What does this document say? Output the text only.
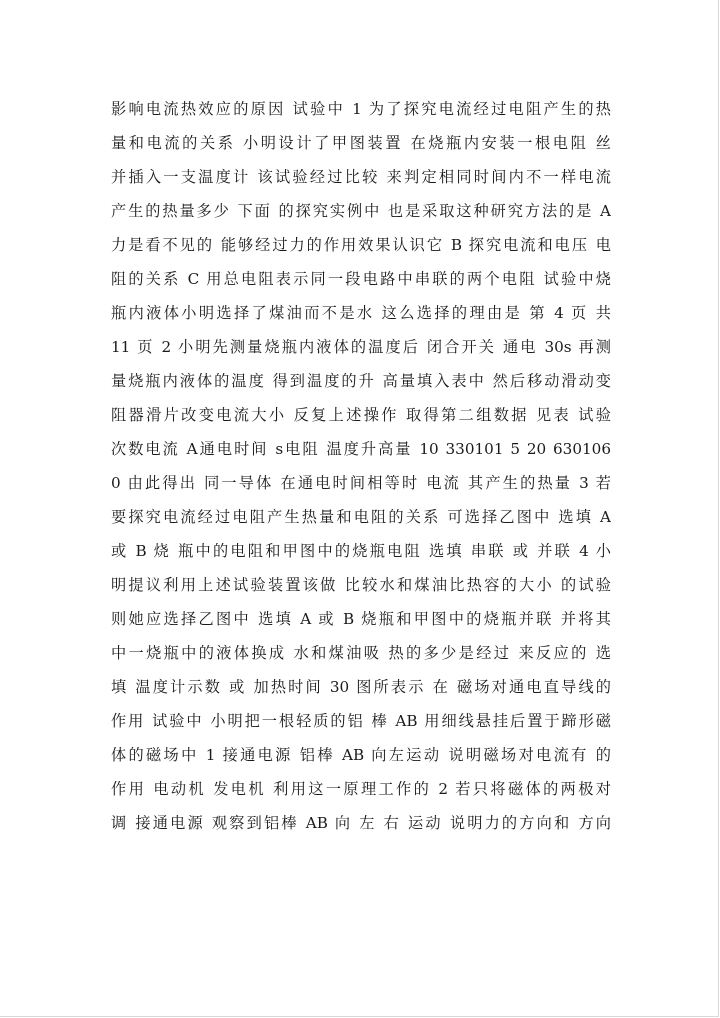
影响电流热效应的原因 试验中 1 为了探究电流经过电阻产生的热
量和电流的关系 小明设计了甲图装置 在烧瓶内安装一根电阻 丝
并插入一支温度计 该试验经过比较 来判定相同时间内不一样电流
产生的热量多少 下面 的探究实例中 也是采取这种研究方法的是 A
力是看不见的 能够经过力的作用效果认识它 B 探究电流和电压 电
阻的关系 C 用总电阻表示同一段电路中串联的两个电阻 试验中烧
瓶内液体小明选择了煤油而不是水 这么选择的理由是 第 4 页 共
11 页 2 小明先测量烧瓶内液体的温度后 闭合开关 通电 30s 再测
量烧瓶内液体的温度 得到温度的升 高量填入表中 然后移动滑动变
阻器滑片改变电流大小 反复上述操作 取得第二组数据 见表 试验
次数电流 A通电时间 s电阻 温度升高量 10 330101 5 20 630106
0 由此得出 同一导体 在通电时间相等时 电流 其产生的热量 3 若
要探究电流经过电阻产生热量和电阻的关系 可选择乙图中 选填 A
或 B 烧 瓶中的电阻和甲图中的烧瓶电阻 选填 串联 或 并联 4 小
明提议利用上述试验装置该做 比较水和煤油比热容的大小 的试验
则她应选择乙图中 选填 A 或 B 烧瓶和甲图中的烧瓶并联 并将其
中一烧瓶中的液体换成 水和煤油吸 热的多少是经过 来反应的 选
填 温度计示数 或 加热时间 30 图所表示 在 磁场对通电直导线的
作用 试验中 小明把一根轻质的铝 棒 AB 用细线悬挂后置于蹄形磁
体的磁场中 1 接通电源 铝棒 AB 向左运动 说明磁场对电流有 的
作用 电动机 发电机 利用这一原理工作的 2 若只将磁体的两极对
调 接通电源 观察到铝棒 AB 向 左 右 运动 说明力的方向和 方向
